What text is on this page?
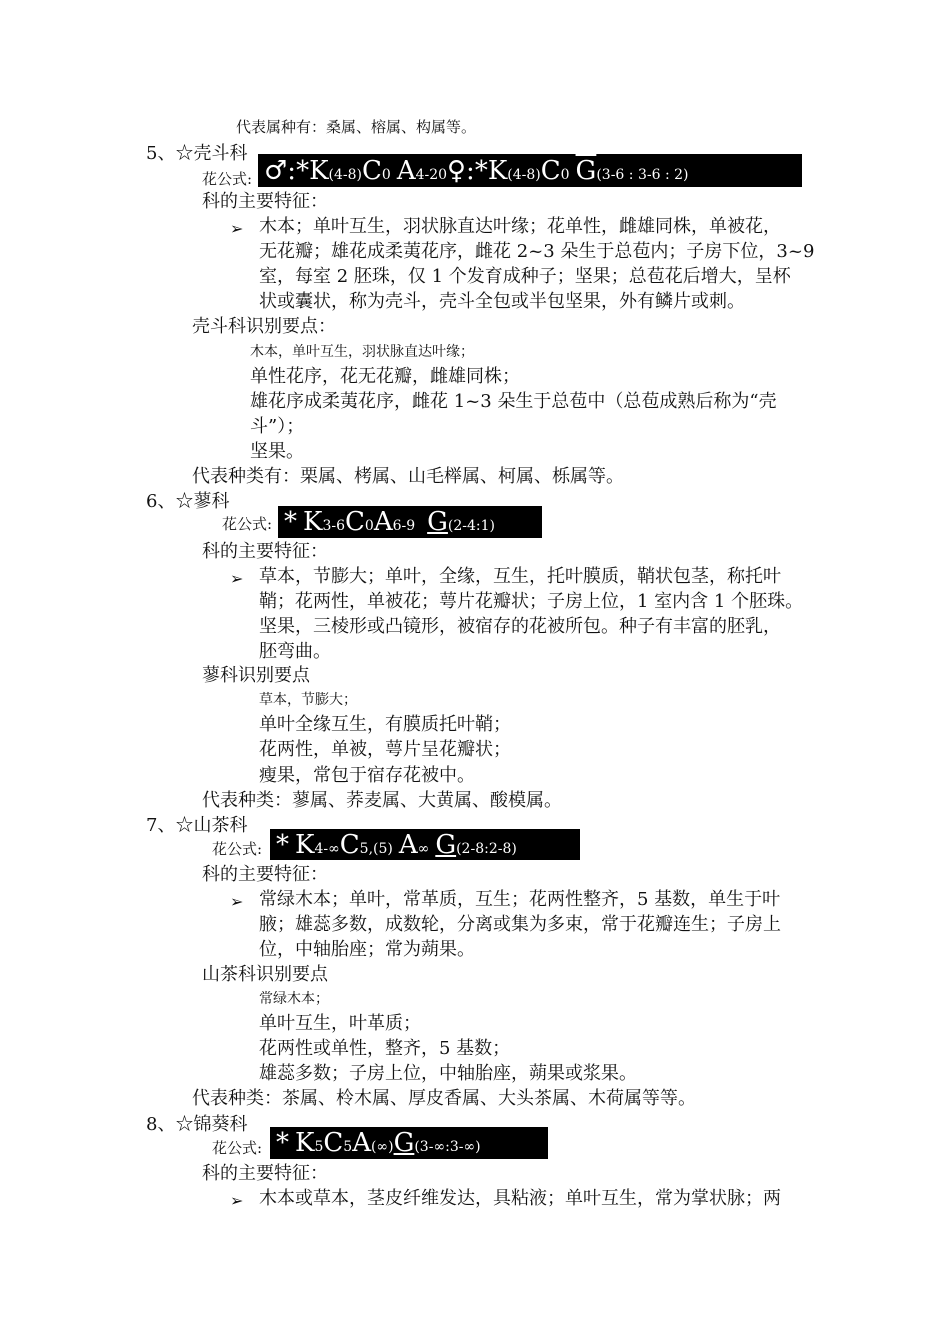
代表属种有：桑属、榕属、构属等。
5、☆壳斗科
花公式: ♂: * K (4-8) C 0 A 4-20 ♀: * K (4-8) C 0 $\overline{G}$ (3-6 : 3-6 : 2)
科的主要特征：
➢ 木本；单叶互生，羽状脉直达叶缘；花单性，雌雄同株，单被花，
无花瓣；雄花成柔荑花序，雌花 2~3 朵生于总苞内；子房下位，3~9
室，每室 2 胚珠，仅 1 个发育成种子；坚果；总苞花后增大，呈杯
状或囊状，称为壳斗，壳斗全包或半包坚果，外有鳞片或刺。
壳斗科识别要点：
木本，单叶互生，羽状脉直达叶缘；
单性花序，花无花瓣，雌雄同株；
雄花序成柔荑花序，雌花 1~3 朵生于总苞中（总苞成熟后称为“壳
斗”）；
坚果。
代表种类有：栗属、栲属、山毛榉属、柯属、栎属等。
6、☆蓼科
花公式: * K 3-6 C 0 A 6-9 G (2-4:1)
科的主要特征：
➢ 草本，节膨大；单叶，全缘，互生，托叶膜质，鞘状包茎，称托叶
鞘；花两性，单被花；萼片花瓣状；子房上位，1 室内含 1 个胚珠。
坚果，三棱形或凸镜形，被宿存的花被所包。种子有丰富的胚乳，
胚弯曲。
蓼科识别要点
草本，节膨大；
单叶全缘互生，有膜质托叶鞘；
花两性，单被，萼片呈花瓣状；
瘦果，常包于宿存花被中。
代表种类：蓼属、荞麦属、大黄属、酸模属。
7、☆山茶科
花公式: * K 4-∞ C 5,(5) A ∞ G (2-8:2-8)
科的主要特征：
➢ 常绿木本；单叶，常革质，互生；花两性整齐，5 基数，单生于叶
腋；雄蕊多数，成数轮，分离或集为多束，常于花瓣连生；子房上
位，中轴胎座；常为蒴果。
山茶科识别要点
常绿木本；
单叶互生，叶革质；
花两性或单性，整齐，5 基数；
雄蕊多数；子房上位，中轴胎座，蒴果或浆果。
代表种类：茶属、柃木属、厚皮香属、大头茶属、木荷属等等。
8、☆锦葵科
花公式: * K 5 C 5 A (∞) G (3-∞:3-∞)
科的主要特征：
➢ 木本或草本，茎皮纤维发达，具粘液；单叶互生，常为掌状脉；两
